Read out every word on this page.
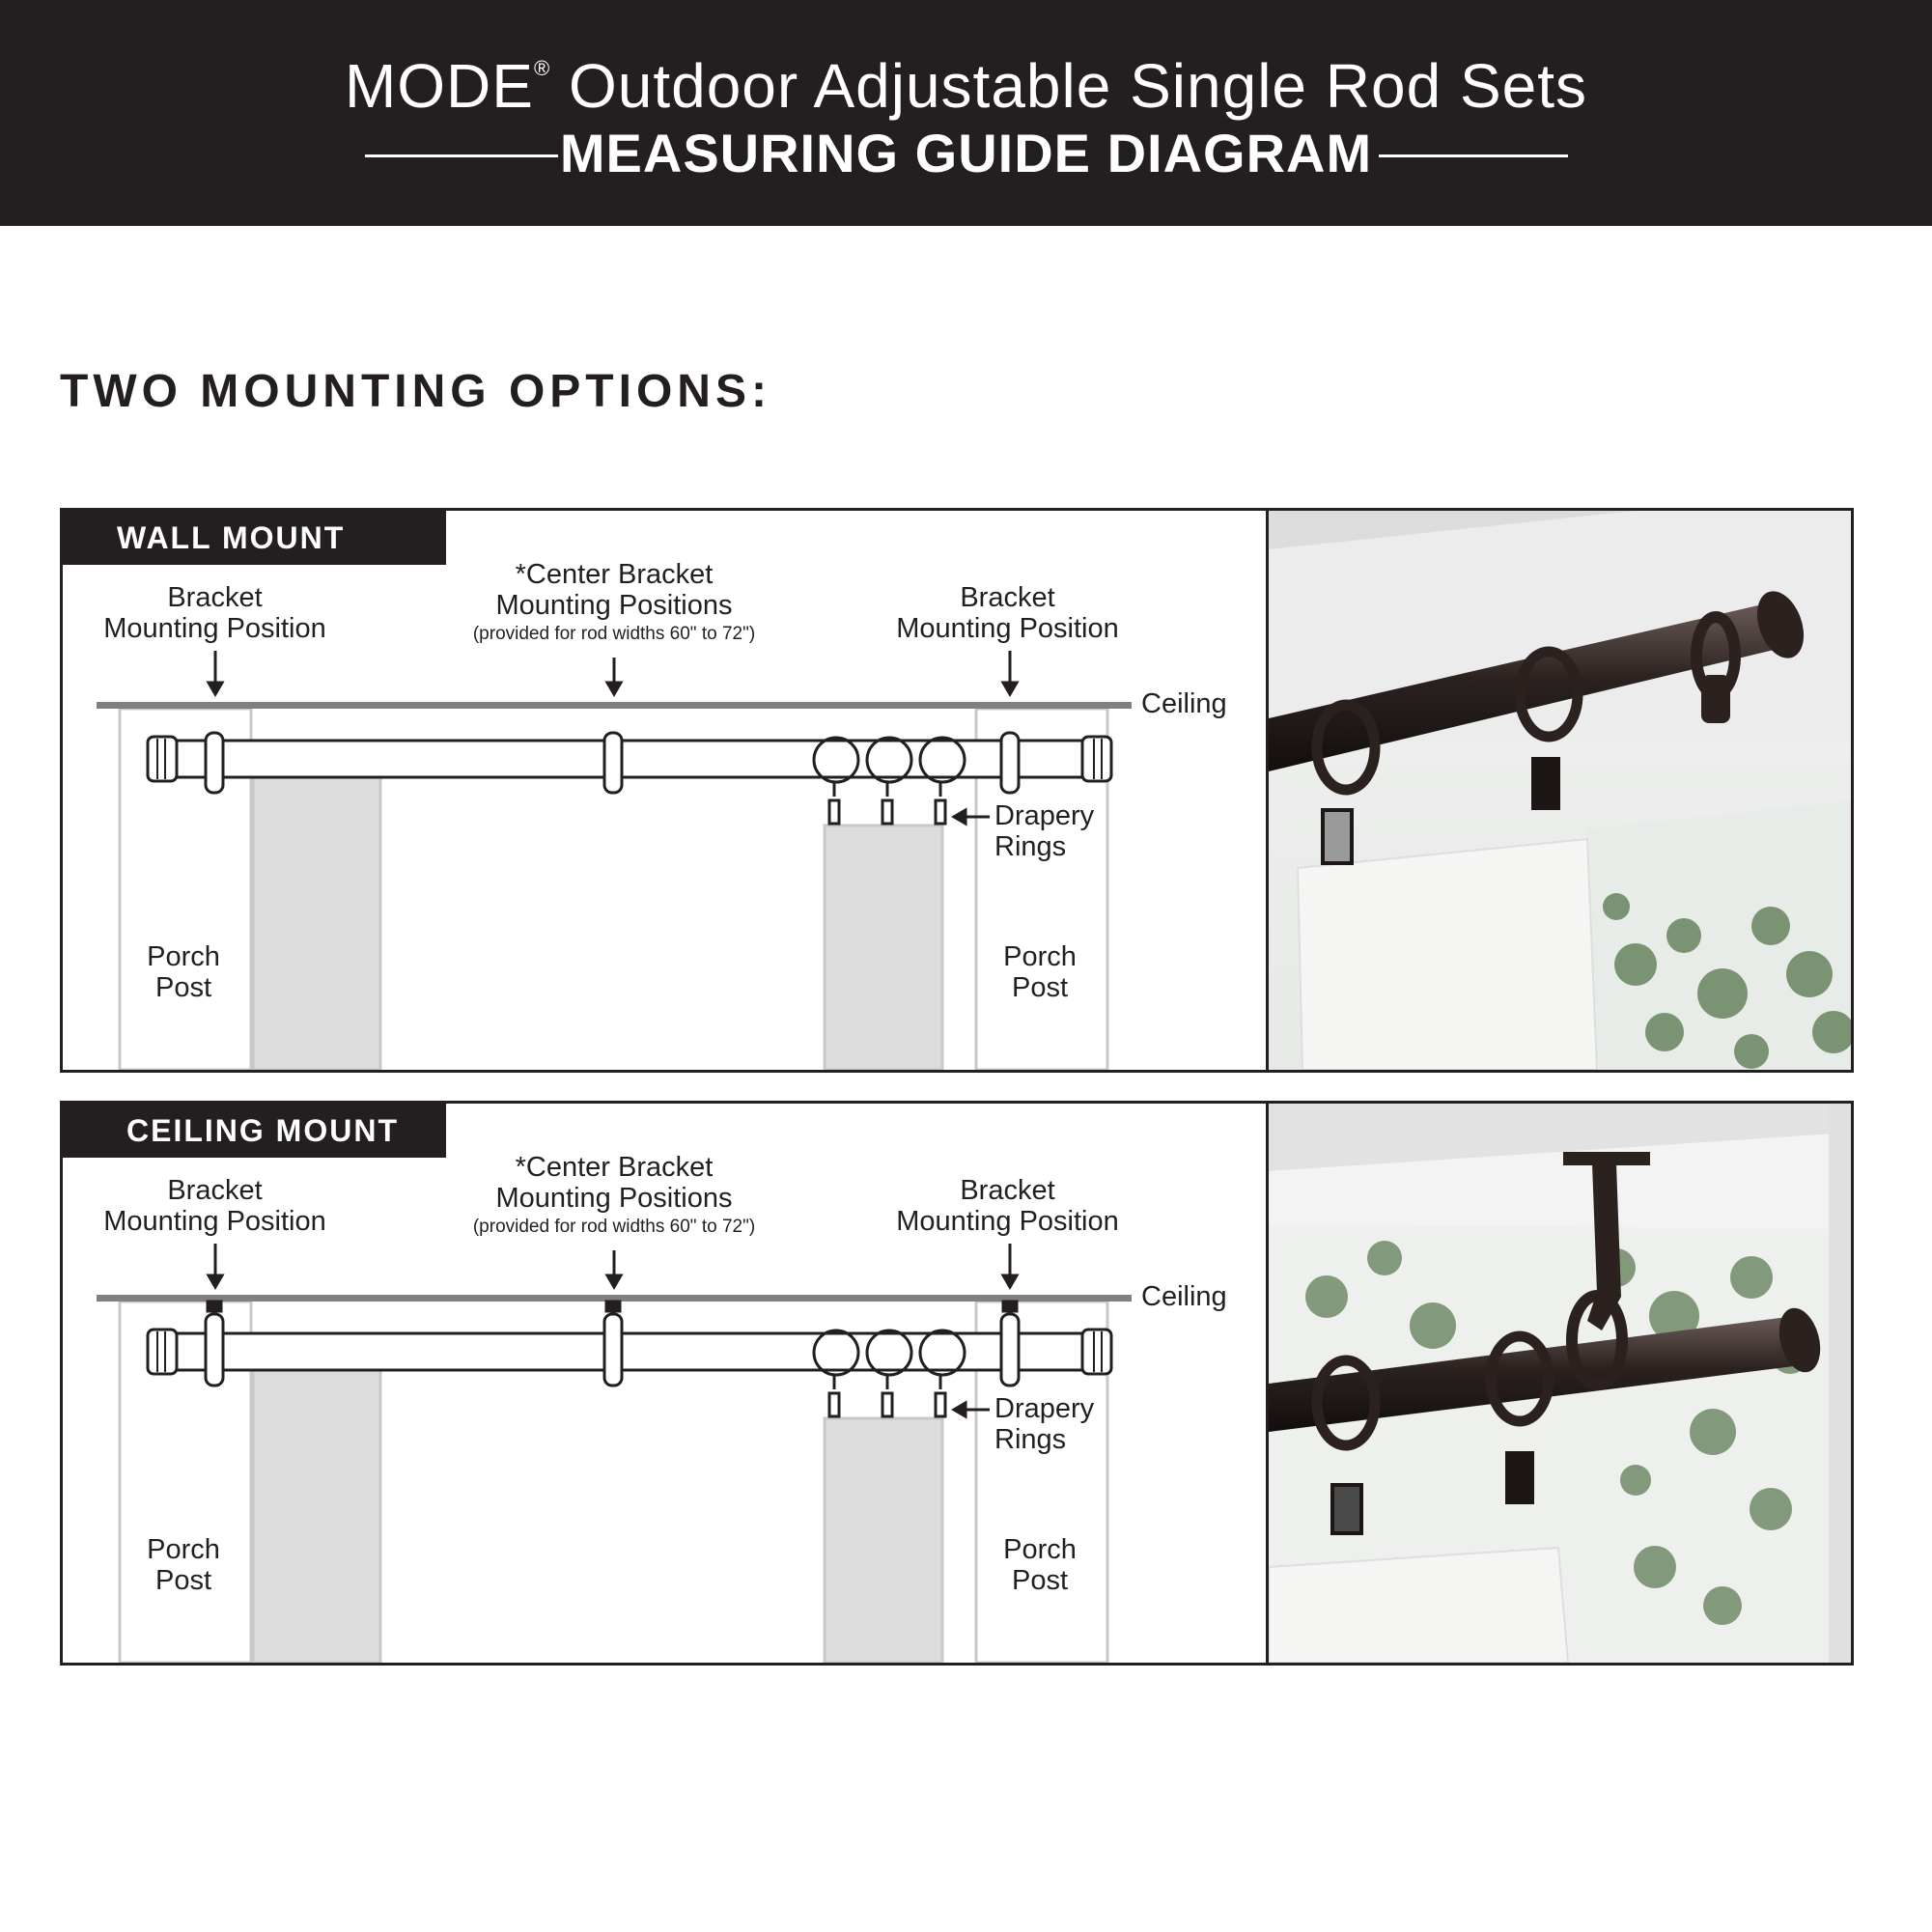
MODE® Outdoor Adjustable Single Rod Sets
MEASURING GUIDE DIAGRAM
TWO MOUNTING OPTIONS:
WALL MOUNT
Bracket
Mounting Position
*Center Bracket
Mounting Positions
(provided for rod widths 60" to 72")
Bracket
Mounting Position
Ceiling
Drapery
Rings
Porch
Post
Porch
Post
CEILING MOUNT
Bracket
Mounting Position
*Center Bracket
Mounting Positions
(provided for rod widths 60" to 72")
Bracket
Mounting Position
Ceiling
Drapery
Rings
Porch
Post
Porch
Post
